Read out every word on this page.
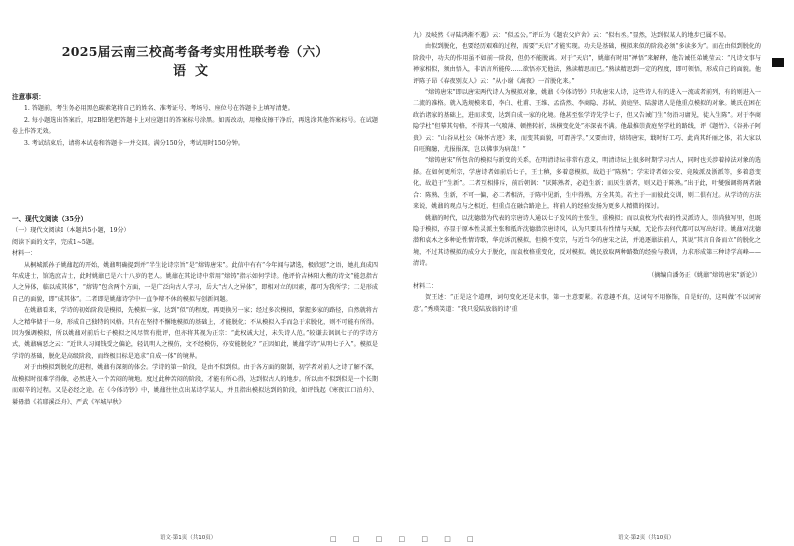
2025届云南三校高考备考实用性联考卷（六）
语文

注意事项：

1. 答题前，考生务必用黑色碳素笔将自己的姓名、准考证号、考场号、座位号在答题卡上填写清楚。

2. 每小题选出答案后，用2B铅笔把答题卡上对应题目的答案标号涂黑。如需改动，用橡皮擦干净后，再选涂其他答案标号。在试题卷上作答无效。

3. 考试结束后，请将本试卷和答题卡一并交回。满分150分，考试用时150分钟。

一、现代文阅读（35分）

（一）现代文阅读Ⅰ（本题共5小题，19分）

阅读下面的文字，完成1~5题。

材料一：

从桐城派孙子姚鼐起的开始，姚鼐明确提到并“半生论诗宗旨”是“熔铸唐宋”。此信中有有“今年闻与諸选，极欣慰”之语，她扎真成四年成进士，馆选庶吉士，此时姚鼐已是六十八岁的老人。姚鼐在其论诗中常用“熔铸”指示如何学诗。他评价吉林阳大樵的诗文“能忽指古人之异体，临以成其体”，“熔铸”包含两个方面，一是广泛向古人学习，岳大“古人之异体”，即相对立的因素，都可为我所学；二是形成自己的面貌，即“成其体”。二者即是姚鼐诗学中一直争辩不休的模拟与创新问题。

在姚鼐看来，学诗的初始阶段是模拟，先模拟一家，达到“似”的程度，再更换另一家；经过多次模拟，掌握多家的路径，自然就将古人之精华储于一身，形成自己独特的风格。只有在坚持不懈地模拟的基础上，才能脱化；不从模拟入手而急于求脱化，则不可能有所得。因为强调模拟，所以姚鼐对前后七子模拟之风尽管有批评，但亦将其视为正宗：“此权诚大过，未失诗人范。”较谦去讽讽七子的学诗方式，姚鼐痛恶之云：“近世人习闻钱受之偏论，轻讥明人之模仿，文不经模仿，亦安能脱化？”正因如此，姚鼐学诗“从明七子入”。模拟是学诗的基础，脱化是高级阶段，而终极目标是追求“自成一体”的境界。

对于由模拟到脱化的进程，姚鼐有深刻的体会。学诗的第一阶段，是由不似到似。由于各方面的限制，初学者对前人之诗了解不深，故模拟时很难学得像，必然进入一个苦闷的境地。度过此种苦闷的阶段，才能有所心得，达到似古人的地步。所以由不似到似是一个长期而艰辛的过程。又是必经之途。在《今体诗钞》中，姚鼐往往点出某诗学某人，并且指出模拟达到的阶段，如评钱起《寒夜江口泊舟》、綦毋潜《若耶溪泛舟》、严武《军城早秋》

九）及岐然《寻陆鸿渐不遇》云：“似孟公。”评丘为《题农父庐舍》云：“似右丞。”显然，达到似某人的地步已属不易。

由似到脱化，也要经历艰难的过程，需要“天启”才能实现。功夫是基础，模拟来似的阶段必须“多读多为”。而在由似到脱化的阶段中，功夫的作用虽不如前一阶段，但仍不能脱离。对于“天启”，姚鼐有时用“禅悟”来解释，他告诫任弟姚莹云：“凡诗文事与禅家相似，须由悟入，非语言所能传……欲悟亦无他法，熟读精思而已。”熟读精思到一定的程度，即可领悟，形成自己的面貌。他评陈子昂《春夜别友人》云：“从小谢《离夜》一首脱化来。”

“熔铸唐宋”即以唐宋两代诗人为模拟对象，姚鼐《今体诗钞》只收唐宋人诗，这些诗人有的进入一流或者前列，有的则进入一二流的准格。就入选规模来看，李白、杜甫、王维、孟浩然、李商隐、苏轼、黄庭坚、陆游诸人是他重点模拟的对象。姚氏在困在政治诸家的基础上，进而求变，达到自成一家的化境。他甚至张学诗先学七子，但又告诫门生“勿沿习庸见，徒入生陈”。对于李商隐学杜“但摹其句格，不得其一气喷薄、顿挫转折，纵横变化处”亦深表不满。他最推崇黄庭坚学杜的路线，评《题竹》、《谷孙子阿贵》云：“山谷从杜公《咏怀古迹》来，而变其面貌，可谓善学。”又要由诗，熔铸唐宋，戢时好工巧、此尚其纤丽之体，若大家以自旺胸臆，尤报报深，岂以佛事为病哉！”

“熔铸唐宋”所包含的模拟与新变的关系，在明清诗坛非常有意义，明清诗坛上很多时期学习古人，同时也关涉着掉法对象的选择。在如何更所宗，学唐诗者如前后七子，王士稹，多着意模拟，故趋于“陈熟”；学宋诗者如公安、竟陵派及浙派等，多着意变化，故趋于“生新”。二者互相排斥，前后朝讽：“厌陈熟者，必趋生新；而厌生新者，则又趋于陈熟。”出于此，叶燮强调将两者融合：陈熟、生新，不可一偏，必二者相济，于陈中见新，生中得熟，方全其美。若主于一而彼此交训，则二俱有过。从学诗的方法来说，姚鼐的观点与之相近，但重点在融合路途上，将前人的经验发扬为更多人精微的探讨。

姚鼐的时代，以沈德潜为代表的宗唐诗人通以七子发风的主张生，重模拟；而以袁枚为代表的性灵派诗人，崇尚独写里，但既隐于模拟，亦显于原本性灵派主张和抵许沈德潜宗唐诗风，认为只要具有性情与天赋，无论作去何代都可以写出好诗。姚鼐对沈德潜和袁木之多种论性情诗歌，华克诉沉模拟，但摸不变宗，与近当今的唐宋之法，并追逐鼐法前人，其说“其言自备而立”的脱化之境，不过其诗模拟的成分大于脱化，而袁枚格重变化，反对模拟。姚民放取两种路数的经验与教训，力求形成第三种诗学高峰——清诗。

（摘编自潘务正《姚鼐“熔铸唐宋”新论》）

材料二：

贺王述：“正是这个道理，词句变化还是末事，第一主意要紧。若意趣不真，这词句不用修饰，自是好的，这叫做‘不以词害意’。”秀瑛笑道：“我只爱陆放翁的诗‘重

语文·第1页（共10页）	□ □ □ □ □ □ □	语文·第2页（共10页）
